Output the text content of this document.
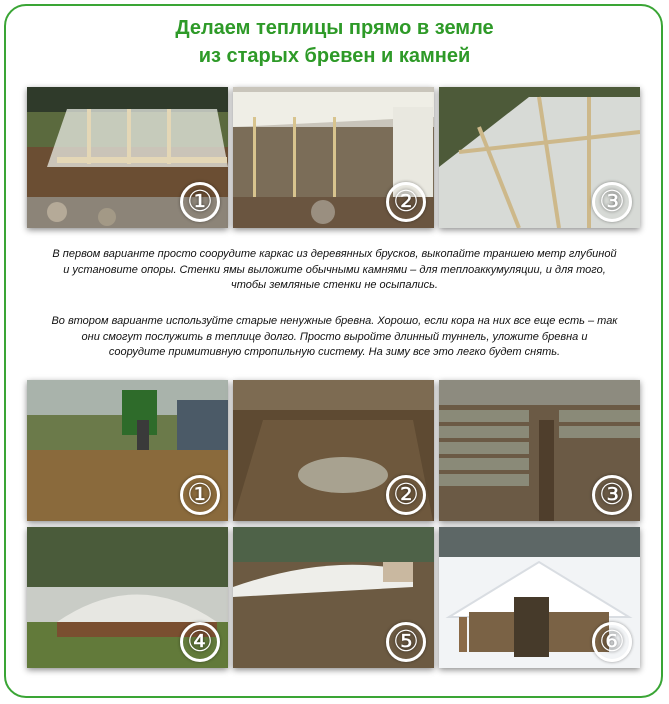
Делаем теплицы прямо в земле
из старых бревен и камней
①	②	③
В первом варианте просто соорудите каркас из деревянных брусков, выкопайте траншею метр глубиной
и установите опоры. Стенки ямы выложите обычными камнями – для теплоаккумуляции, и для того,
чтобы земляные стенки не осыпались.
Во втором варианте используйте старые ненужные бревна. Хорошо, если кора на них все еще есть – так
они смогут послужить в теплице долго. Просто выройте длинный туннель, уложите бревна и
соорудите примитивную стропильную систему. На зиму все это легко будет снять.
①	②	③
④	⑤	⑥
